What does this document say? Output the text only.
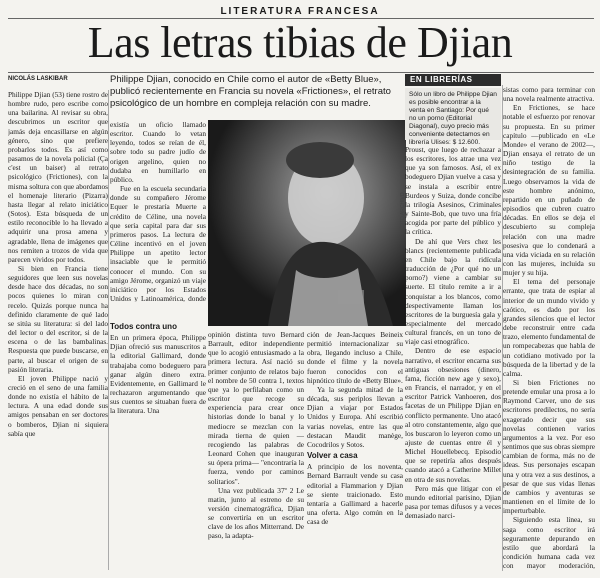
LITERATURA FRANCESA
Las letras tibias de Djian
NICOLÁS LASKIBAR	Philippe Djian, conocido en Chile como el autor de «Betty Blue», publicó recientemente en Francia su novela «Frictiones», el retrato psicológico de un hombre en compleja relación con su madre.

Philippe Djian (53) tiene rostro de hombre rudo, pero escribe como una bailarina. Al revisar su obra, descubrimos un escritor que jamás deja encasillarse en algún género, sino que prefiere probarlos todos. Es así como pasamos de la novela policial (Ça c'est un baiser) al retrato psicológico (Frictiones), con la misma soltura con que abordamos el homenaje literario (Pizarra) hasta llegar al relato iniciático (Sotos). Esta búsqueda de un estilo reconocible lo ha llevado a adquirir una prosa amena y agradable, llena de imágenes que nos remiten a trozos de vida que parecen vividos por todos.

Si bien en Francia tiene seguidores que leen sus novelas desde hace dos décadas, no son pocos quienes lo miran con recelo. Quizás porque nunca ha definido claramente de qué lado se sitúa su literatura: si del lado del lector o del escritor, si de la escena o de las bambalinas. Respuesta que puede buscarse, en parte, al buscar el origen de su pasión literaria.

El joven Philippe nació y creció en el seno de una familia donde no existía el hábito de la lectura. A una edad donde sus amigos pensaban en ser doctores o bomberos, Djian ni siquiera sabía que

existía un oficio llamado escritor. Cuando lo vetan leyendo, todos se reían de él, sobre todo su padre judío de origen argelino, quien no dudaba en humillarlo en público.

Fue en la escuela secundaria donde su compañero Jérome Equer le prestaría Muerte a crédito de Céline, una novela que sería capital para dar sus primeros pasos. La lectura de Céline incentivó en el joven Philippe un apetito lector insaciable que le permitió conocer el mundo. Con su amigo Jérome, organizó un viaje iniciático por los Estados Unidos y Latinoamérica, donde

Todos contra uno

En un primera época, Philippe Djian ofreció sus manuscritos a la editorial Gallimard, donde trabajaba como bodeguero para ganar algún dinero extra. Evidentemente, en Gallimard le rechazaron argumentando que sus cuentos se situaban fuera de la literatura. Una

FOTO ARCHIVO

opinión distinta tuvo Bernard Barrault, editor independiente que lo acogió entusiasmado a la primera lectura. Así nació su primer conjunto de relatos bajo el nombre de 50 contra 1, textos que ya lo perfilaban como un escritor que recoge su experiencia para crear once historias donde lo banal y lo mediocre se mezclan con la mirada tierna de quien —recogiendo las palabras de Leonard Cohen que inauguran su ópera prima— "encontraría la fuerza, vendo por caminos solitarios".

Una vez publicada 37º 2 Le matin, junto al estreno de su versión cinematográfica, Djian se convertiría en un escritor clave de los años Mitterrand. De paso, la adapta-

ción de Jean-Jacques Beineix permitió internacionalizar su obra, llegando incluso a Chile, donde el filme y la novela fueron conocidos con el hipnótico título de «Betty Blue».

Ya la segunda mitad de la década, sus periplos llevan a Djian a viajar por Estados Unidos y Europa. Ahí escribió varias novelas, entre las que destacan Maudit manège, Cocodrilos y Sotos.

Volver a casa

A principio de los noventa, Bernard Barrault vende su casa editorial a Flammarion y Djian se siente traicionado. Esto tentaría a Gallimard a hacerle una oferta. Algo común en la casa de

EN LIBRERÍAS
Sólo un libro de Philippe Djian es posible encontrar a la venta en Santiago: Por qué no un porno (Editorial Diagonal), cuyo precio más conveniente detectamos en librería Ulises: $ 12.600.

Proust, que luego de rechazar a los escritores, los atrae una vez que ya son famosos. Así, el ex bodeguero Djian vuelve a casa y se instala a escribir entre Burdeos y Suiza, donde concibe la trilogía Asesinos, Criminales y Sainte-Bob, que tuvo una fría acogida por parte del público y la crítica.

De ahí que Vers chez les blancs (recientemente publicada en Chile bajo la ridícula traducción de ¿Por qué no un porno?) viene a cambiar su suerte. El título remite a ir a conquistar a los blancos, como despectivamente llaman los escritores de la burguesía gala y especialmente del mercado cultural francés, en un tono de viaje casi etnográfico.

Dentro de ese espacio narrativo, el escritor encarna sus antiguas obsesiones (dinero, fama, ficción new age y sexo), en Francis, el narrador, y en el escritor Patrick Vanhoeren, dos facetas de un Philippe Djian en conflicto permanente. Uno atacó al otro constantemente, algo que los buscaron lo leyeron como un ajuste de cuentas entre él y Michel Houellebecq. Episodio que se repetiría años después cuando atacó a Catherine Millet en otra de sus novelas.

Pero más que litigar con el mundo editorial parisino, Djian pasa por temas difusos y a veces demasiado narci-

sistas como para terminar con una novela realmente atractiva.

En Frictiones, se hace notable el esfuerzo por renovar su propuesta. En su primer capítulo —publicado en «Le Monde» el verano de 2002—, Djian ensaya el retrato de un niño testigo de la desintegración de su familia. Luego observamos la vida de este hombre anónimo, repartido en un puñado de episodios que cubren cuatro décadas. En ellos se deja el descubierto su compleja relación con una madre posesiva que lo condenará a una vida viciada en su relación con las mujeres, incluida su mujer y su hija.

El tema del personaje errante, que trata de espiar al interior de un mundo vivido y caótico, es dado por los grandes silencios que el lector debe reconstruir entre cada trazo, elemento fundamental de un rompecabezas que habla de un cotidiano motivado por la búsqueda de la libertad y de la calma.

Si bien Frictiones no pretende emular una prosa a lo Raymond Carver, uno de sus escritores predilectos, no sería exagerado decir que sus novelas contienen varios argumentos a la vez. Por eso sentimos que sus obras siempre cambian de forma, más no de ideas. Sus personajes escapan una y otra vez a sus destinos, a pesar de que sus vidas llenas de cambios y aventuras se mantienen en el límite de lo imperturbable.

Siguiendo esta línea, su saga como escritor irá seguramente depurando en estilo que abordará la condición humana cada vez con mayor moderación,
